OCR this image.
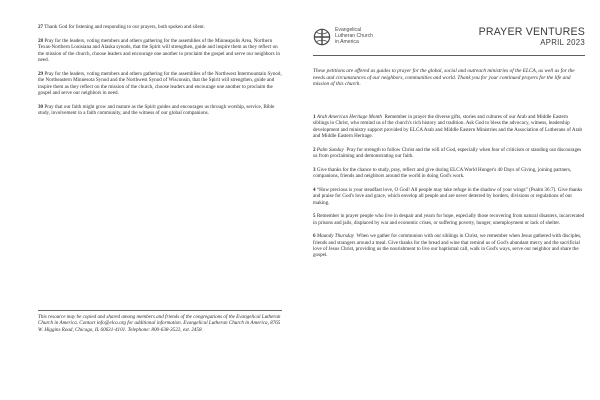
27 Thank God for listening and responding to our prayers, both spoken and silent.

28 Pray for the leaders, voting members and others gathering for the assemblies of the Minneapolis Area, Northern Texas-Northern Louisiana and Alaska synods, that the Spirit will strengthen, guide and inspire them as they reflect on the mission of the church, choose leaders and encourage one another to proclaim the gospel and serve our neighbors in need.

29 Pray for the leaders, voting members and others gathering for the assemblies of the Northwest Intermountain Synod, the Northeastern Minnesota Synod and the Northwest Synod of Wisconsin, that the Spirit will strengthen, guide and inspire them as they reflect on the mission of the church, choose leaders and encourage one another to proclaim the gospel and serve our neighbors in need.

30 Pray that our faith might grow and mature as the Spirit guides and encourages us through worship, service, Bible study, involvement in a faith community, and the witness of our global companions.

This resource may be copied and shared among members and friends of the congregations of the Evangelical Lutheran Church in America. Contact info@elca.org for additional information. Evangelical Lutheran Church in America, 8765 W. Higgins Road, Chicago, IL 60631-4101. Telephone: 800-638-3522, ext. 2458.

Evangelical
Lutheran Church
in America
PRAYER VENTURES
APRIL 2023

These petitions are offered as guides to prayer for the global, social and outreach ministries of the ELCA, as well as for the needs and circumstances of our neighbors, communities and world. Thank you for your continued prayers for the life and mission of this church.

1 Arab American Heritage Month Remember in prayer the diverse gifts, stories and cultures of our Arab and Middle Eastern siblings in Christ, who remind us of the church's rich history and tradition. Ask God to bless the advocacy, witness, leadership development and ministry support provided by ELCA Arab and Middle Eastern Ministries and the Association of Lutherans of Arab and Middle Eastern Heritage.

2 Palm Sunday Pray for strength to follow Christ and the will of God, especially when fear of criticism or standing out discourages us from proclaiming and demonstrating our faith.

3 Give thanks for the chance to study, pray, reflect and give during ELCA World Hunger's 40 Days of Giving, joining partners, companions, friends and neighbors around the world in doing God's work.

4 “How precious is your steadfast love, O God! All people may take refuge in the shadow of your wings” (Psalm 36:7). Give thanks and praise for God's love and grace, which envelop all people and are never deterred by borders, divisions or regulations of our making.

5 Remember in prayer people who live in despair and yearn for hope, especially those recovering from natural disasters, incarcerated in prisons and jails, displaced by war and economic crises, or suffering poverty, hunger, unemployment or lack of shelter.

6 Maundy Thursday When we gather for communion with our siblings in Christ, we remember when Jesus gathered with disciples, friends and strangers around a meal. Give thanks for the bread and wine that remind us of God's abundant mercy and the sacrificial love of Jesus Christ, providing us the nourishment to live our baptismal call, walk in God's ways, serve our neighbor and share the gospel.
